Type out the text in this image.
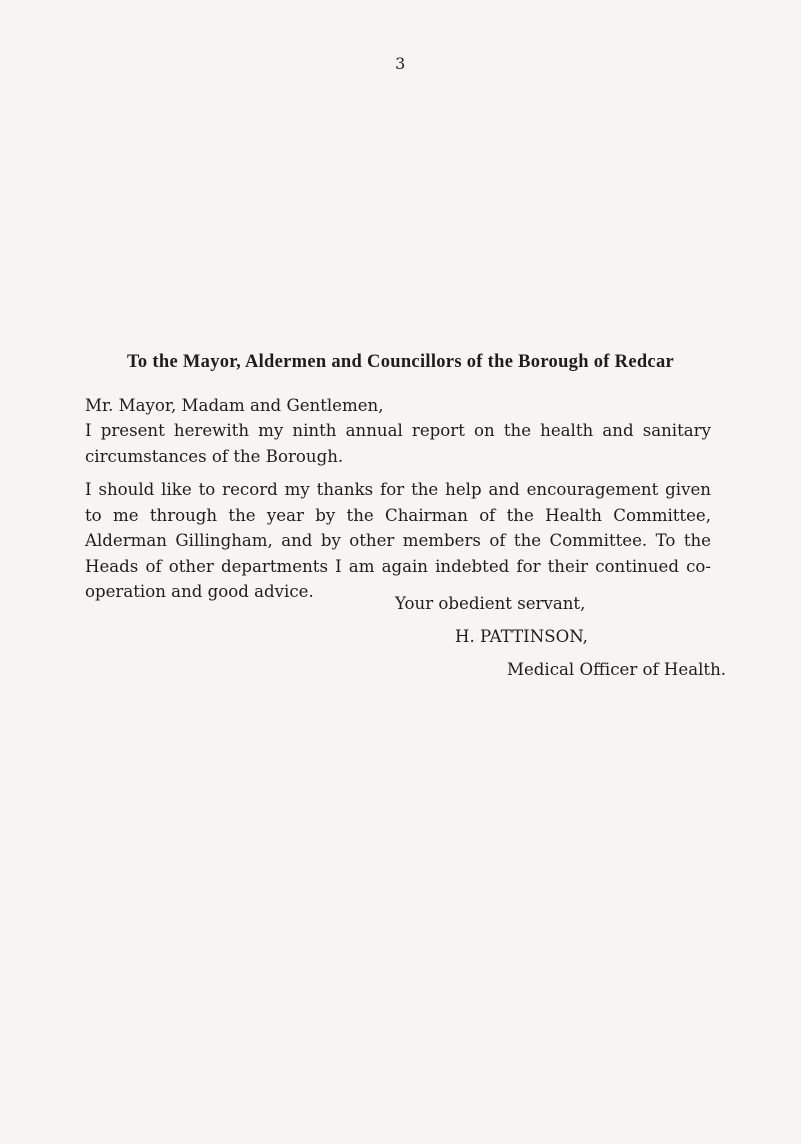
3
To the Mayor, Aldermen and Councillors of the Borough of Redcar
Mr. Mayor, Madam and Gentlemen,

I present herewith my ninth annual report on the health and sanitary circumstances of the Borough.

I should like to record my thanks for the help and encouragement given to me through the year by the Chairman of the Health Committee, Alderman Gillingham, and by other members of the Committee. To the Heads of other departments I am again indebted for their continued co-operation and good advice.

Your obedient servant,
H. PATTINSON,
Medical Officer of Health.
